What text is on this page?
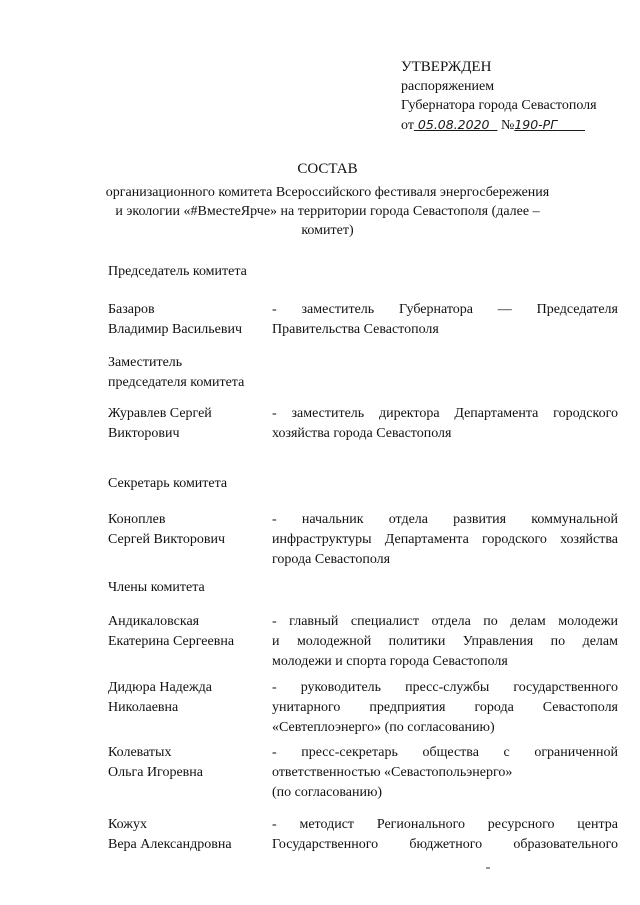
УТВЕРЖДЕН
распоряжением
Губернатора города Севастополя
от 05.08.2020 №190-РГ
СОСТАВ
организационного комитета Всероссийского фестиваля энергосбережения
и экологии «#ВместеЯрче» на территории города Севастополя (далее –
комитет)
Председатель комитета
Базаров
Владимир Васильевич
- заместитель Губернатора — Председателя
Правительства Севастополя
Заместитель
председателя комитета
Журавлев Сергей
Викторович
- заместитель директора Департамента городского
хозяйства города Севастополя
Секретарь комитета
Коноплев
Сергей Викторович
- начальник отдела развития коммунальной
инфраструктуры Департамента городского хозяйства
города Севастополя
Члены комитета
Андикаловская
Екатерина Сергеевна
- главный специалист отдела по делам молодежи
и молодежной политики Управления по делам
молодежи и спорта города Севастополя
Дидюра Надежда
Николаевна
- руководитель пресс-службы государственного
унитарного предприятия города Севастополя
«Севтеплоэнерго» (по согласованию)
Колеватых
Ольга Игоревна
- пресс-секретарь общества с ограниченной
ответственностью «Севастопольэнерго»
(по согласованию)
Кожух
Вера Александровна
- методист Регионального ресурсного центра
Государственного бюджетного образовательного
